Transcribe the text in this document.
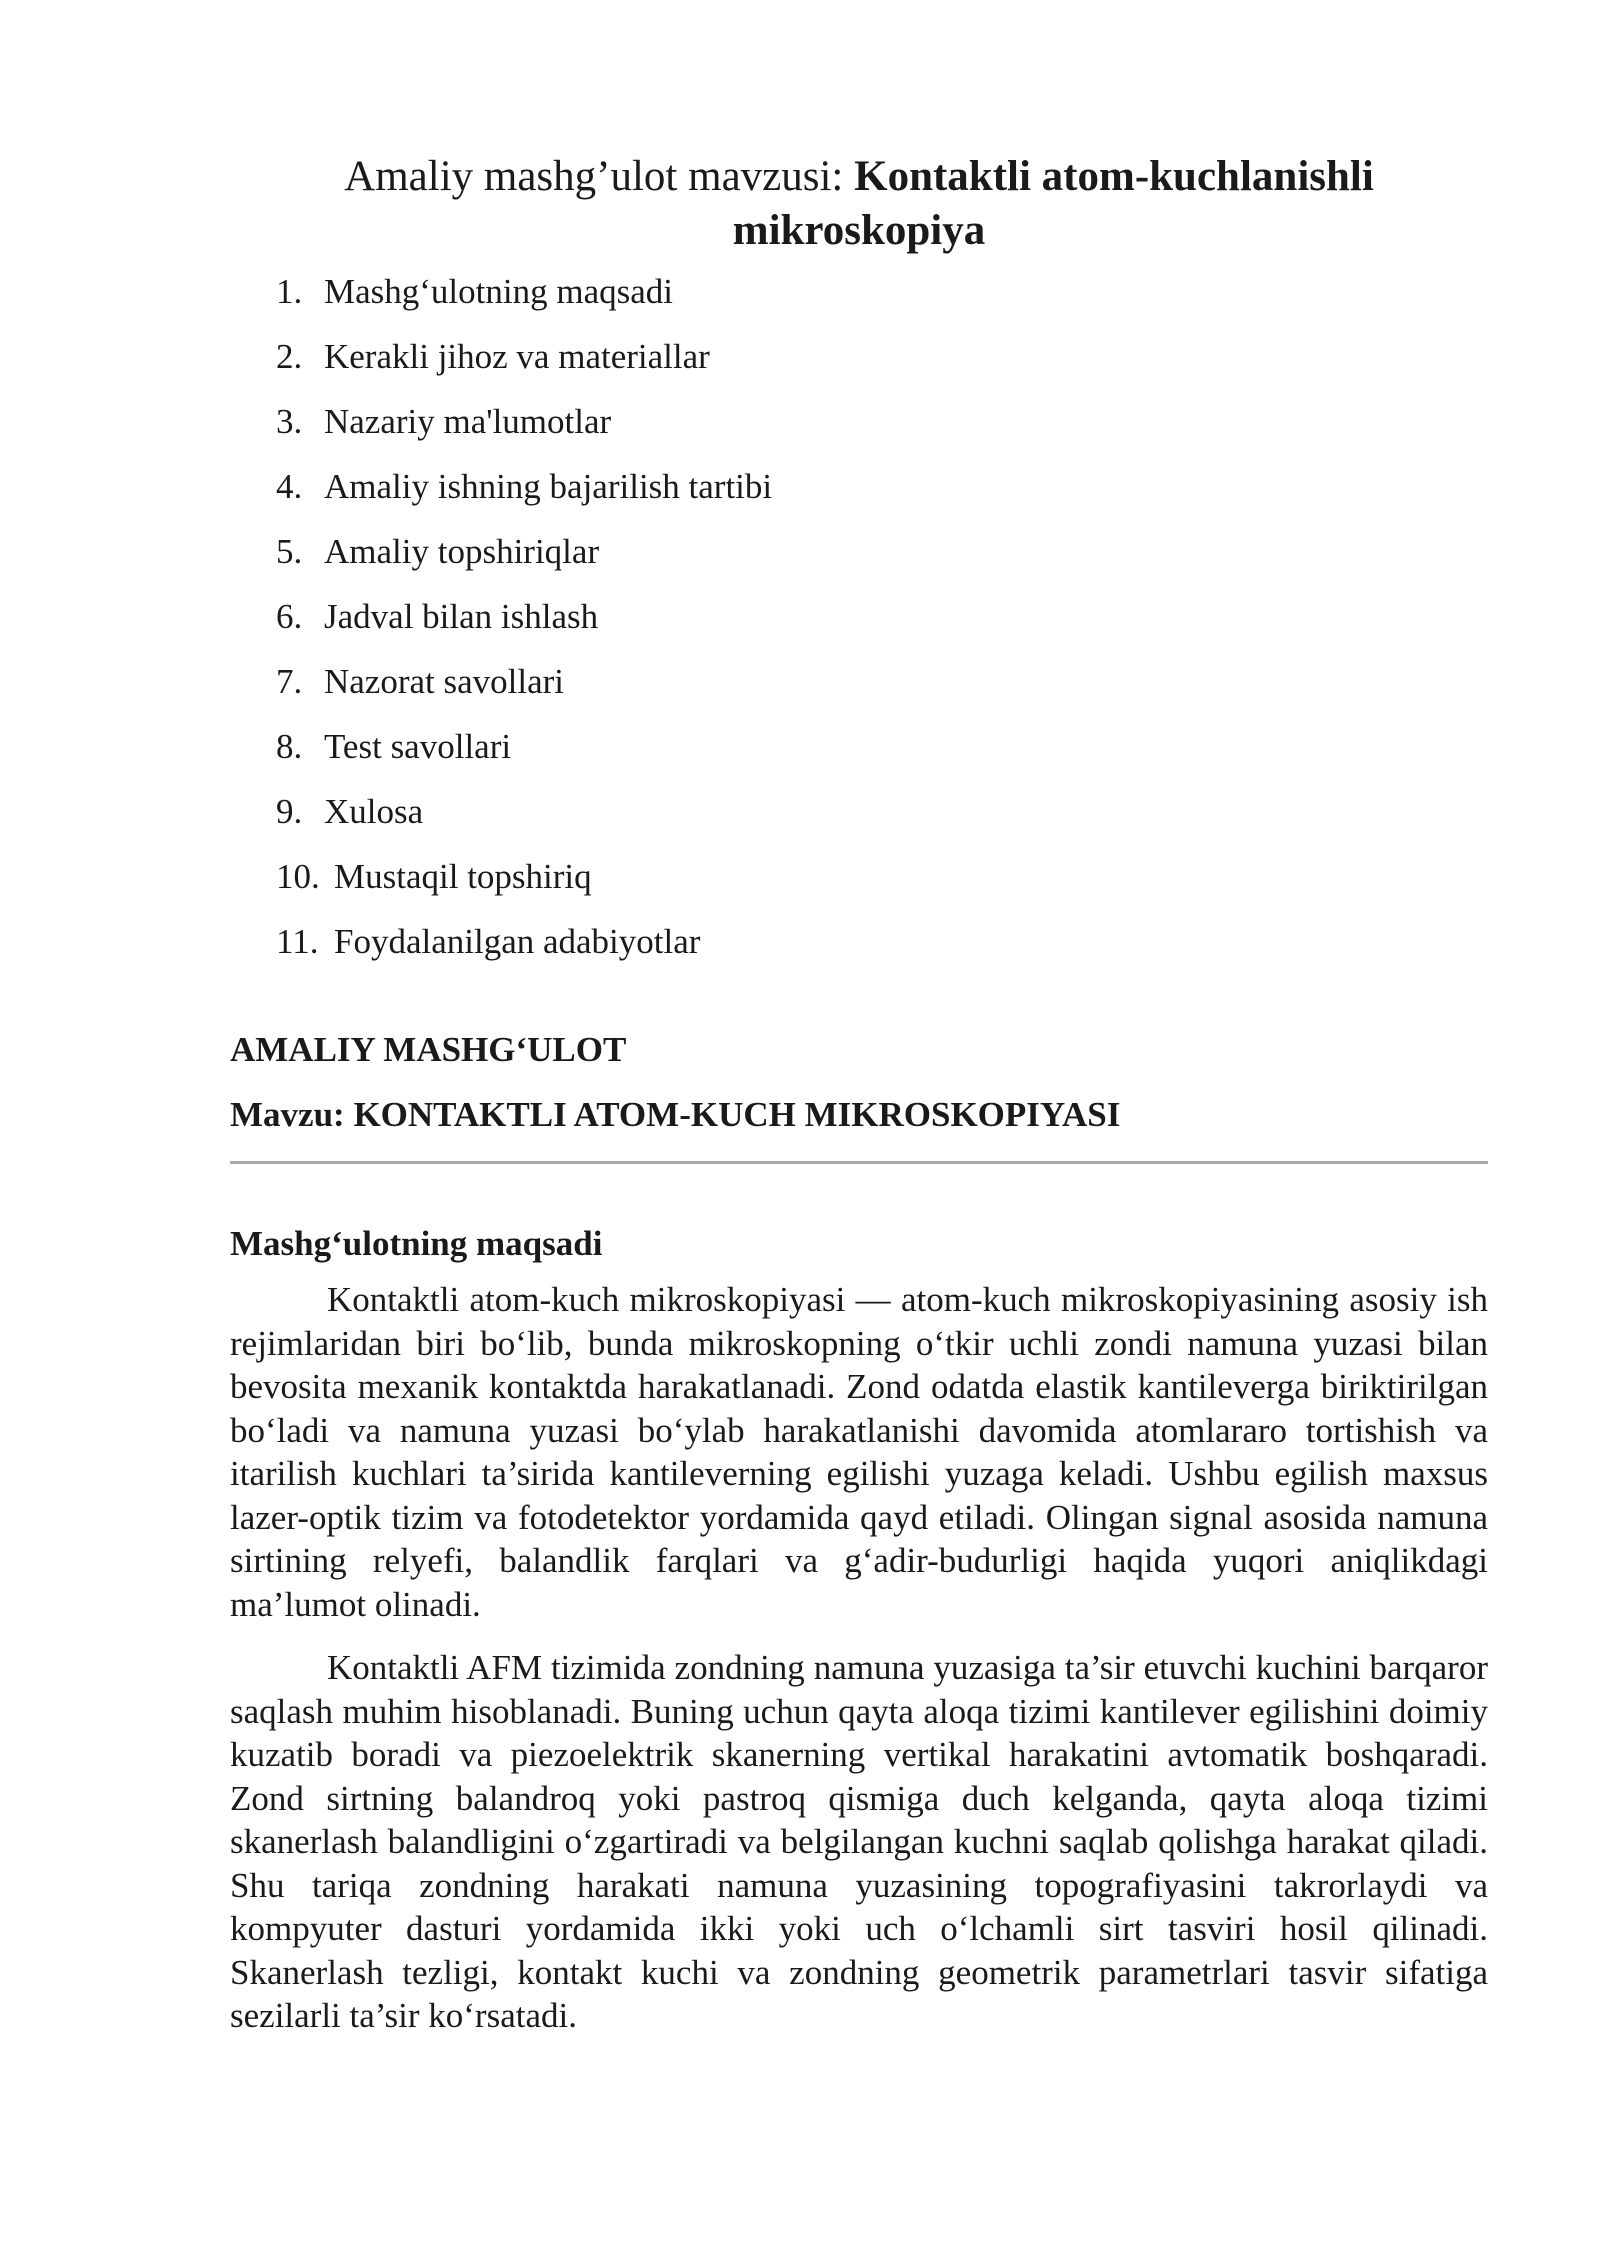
Amaliy mashg’ulot mavzusi: Kontaktli atom-kuchlanishli mikroskopiya
1. Mashg‘ulotning maqsadi
2. Kerakli jihoz va materiallar
3. Nazariy ma'lumotlar
4. Amaliy ishning bajarilish tartibi
5. Amaliy topshiriqlar
6. Jadval bilan ishlash
7. Nazorat savollari
8. Test savollari
9. Xulosa
10. Mustaqil topshiriq
11. Foydalanilgan adabiyotlar

AMALIY MASHG‘ULOT

Mavzu: KONTAKTLI ATOM-KUCH MIKROSKOPIYASI

Mashg‘ulotning maqsadi

Kontaktli atom-kuch mikroskopiyasi — atom-kuch mikroskopiyasining asosiy ish rejimlaridan biri bo‘lib, bunda mikroskopning o‘tkir uchli zondi namuna yuzasi bilan bevosita mexanik kontaktda harakatlanadi. Zond odatda elastik kantileverga biriktirilgan bo‘ladi va namuna yuzasi bo‘ylab harakatlanishi davomida atomlararo tortishish va itarilish kuchlari ta’sirida kantileverning egilishi yuzaga keladi. Ushbu egilish maxsus lazer-optik tizim va fotodetektor yordamida qayd etiladi. Olingan signal asosida namuna sirtining relyefi, balandlik farqlari va g‘adir-budurligi haqida yuqori aniqlikdagi ma’lumot olinadi.

Kontaktli AFM tizimida zondning namuna yuzasiga ta’sir etuvchi kuchini barqaror saqlash muhim hisoblanadi. Buning uchun qayta aloqa tizimi kantilever egilishini doimiy kuzatib boradi va piezoelektrik skanerning vertikal harakatini avtomatik boshqaradi. Zond sirtning balandroq yoki pastroq qismiga duch kelganda, qayta aloqa tizimi skanerlash balandligini o‘zgartiradi va belgilangan kuchni saqlab qolishga harakat qiladi. Shu tariqa zondning harakati namuna yuzasining topografiyasini takrorlaydi va kompyuter dasturi yordamida ikki yoki uch o‘lchamli sirt tasviri hosil qilinadi. Skanerlash tezligi, kontakt kuchi va zondning geometrik parametrlari tasvir sifatiga sezilarli ta’sir ko‘rsatadi.
